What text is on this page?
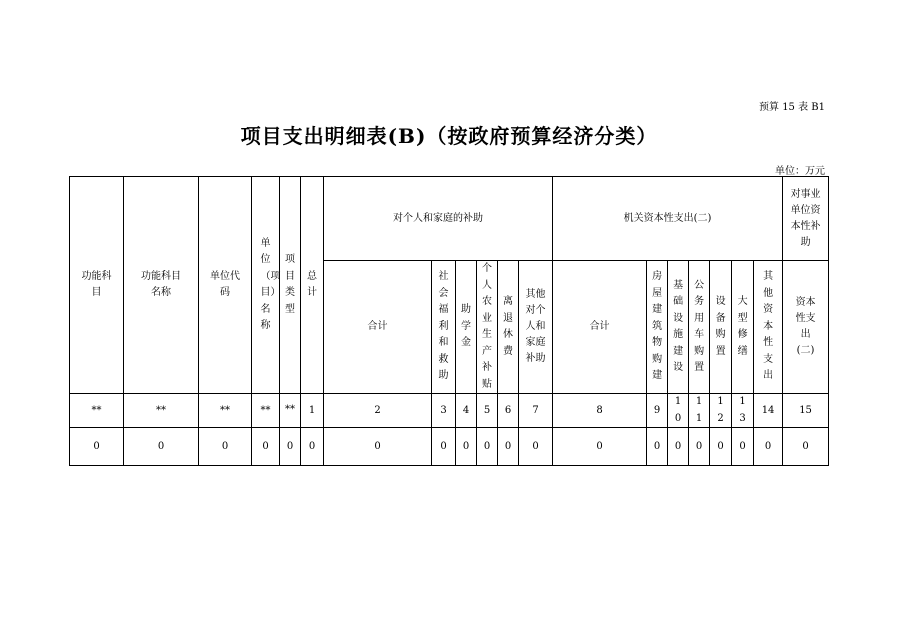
预算 15 表 B1
项目支出明细表(B)（按政府预算经济分类）
单位：万元
功能科目	功能科目名称	单位代码	单位（项目）名称	项目类型	总计	对个人和家庭的补助						机关资本性支出(二)							对事业单位资本性补助
						合计	社会福利和救助	助学金	个人农业生产补贴	离退休费	其他对个人和家庭补助	合计	房屋建筑物购建	基础设施建设	公务用车购置	设备购置	大型修缮	其他资本性支出	资本性支出(二)
**	**	**	**	**	1	2	3	4	5	6	7	8	9	10	11	12	13	14	15
0	0	0	0	0	0	0	0	0	0	0	0	0	0	0	0	0	0	0	0
